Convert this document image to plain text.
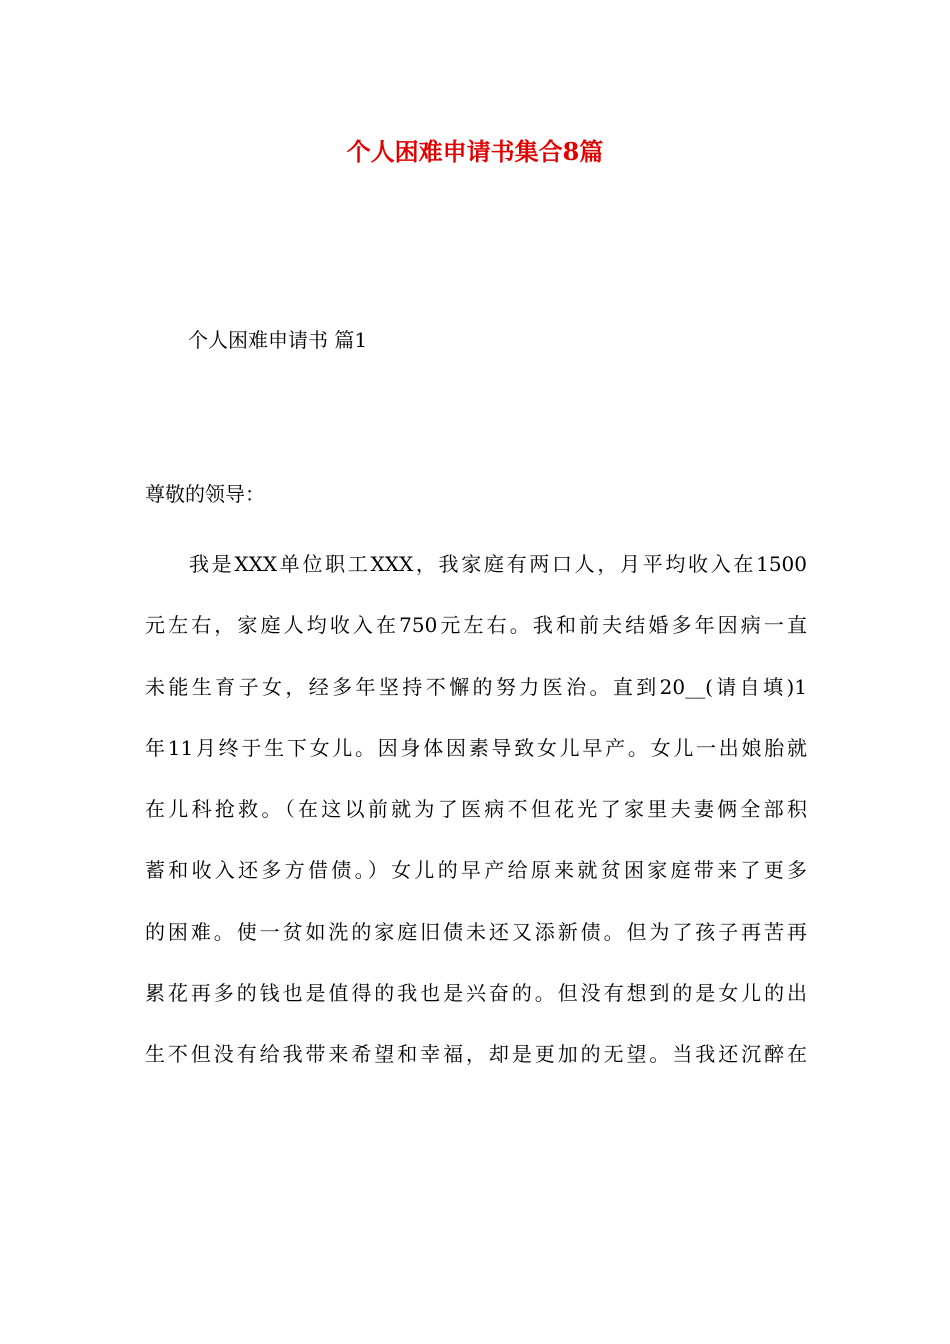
个人困难申请书集合8篇

个人困难申请书 篇1

尊敬的领导：

我是XXX单位职工XXX，我家庭有两口人，月平均收入在1500
元左右，家庭人均收入在750元左右。我和前夫结婚多年因病一直
未能生育子女，经多年坚持不懈的努力医治。直到20__(请自填)1
年11月终于生下女儿。因身体因素导致女儿早产。女儿一出娘胎就
在儿科抢救。（在这以前就为了医病不但花光了家里夫妻俩全部积
蓄和收入还多方借债。）女儿的早产给原来就贫困家庭带来了更多
的困难。使一贫如洗的家庭旧债未还又添新债。但为了孩子再苦再
累花再多的钱也是值得的我也是兴奋的。但没有想到的是女儿的出
生不但没有给我带来希望和幸福，却是更加的无望。当我还沉醉在
